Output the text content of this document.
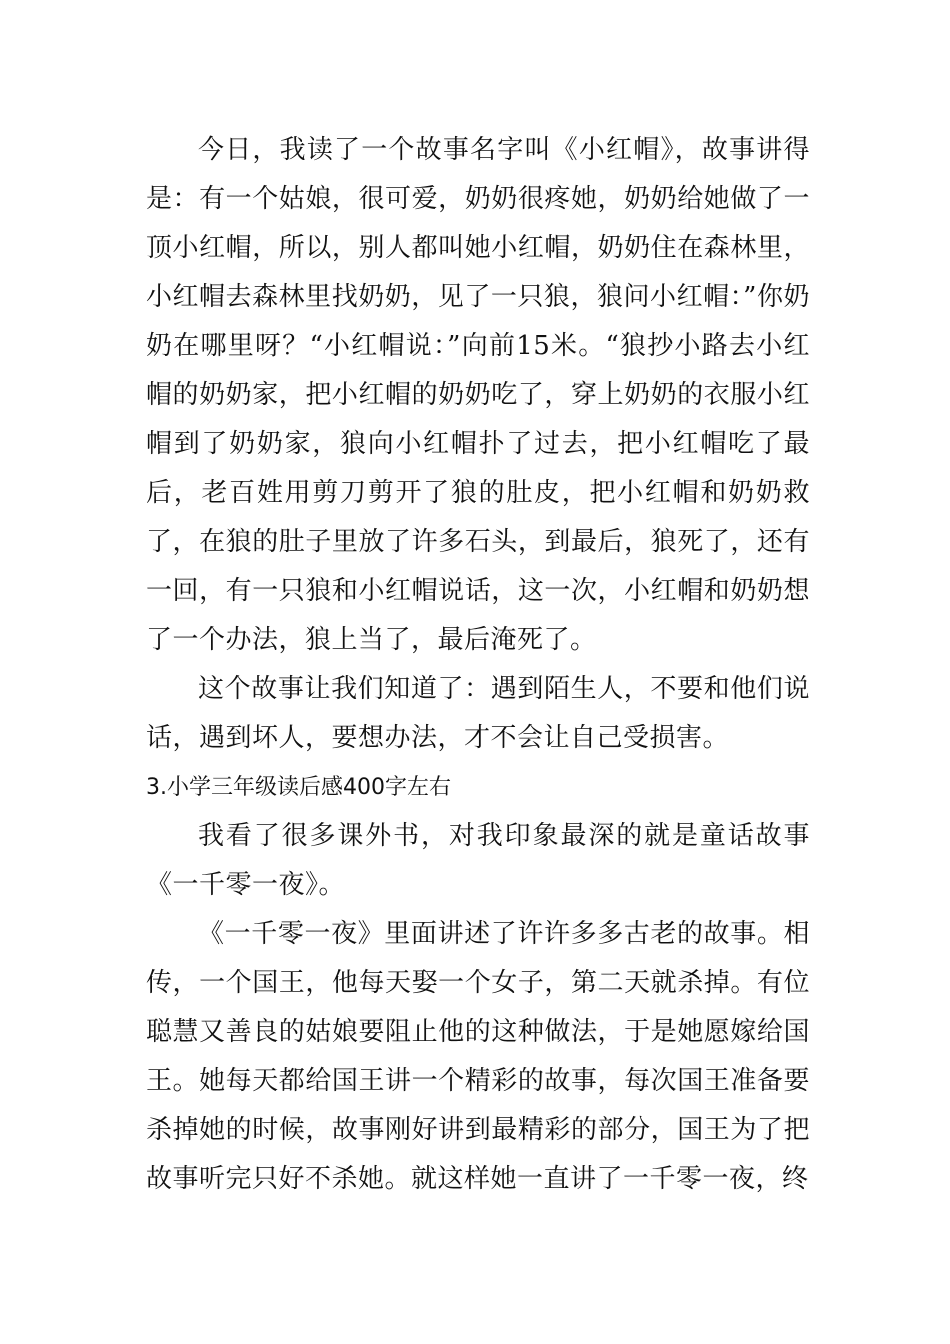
今日，我读了一个故事名字叫《小红帽》，故事讲得是：有一个姑娘，很可爱，奶奶很疼她，奶奶给她做了一顶小红帽，所以，别人都叫她小红帽，奶奶住在森林里，小红帽去森林里找奶奶，见了一只狼，狼问小红帽：”你奶奶在哪里呀？“小红帽说：”向前15米。“狼抄小路去小红帽的奶奶家，把小红帽的奶奶吃了，穿上奶奶的衣服小红帽到了奶奶家，狼向小红帽扑了过去，把小红帽吃了最后，老百姓用剪刀剪开了狼的肚皮，把小红帽和奶奶救了，在狼的肚子里放了许多石头，到最后，狼死了，还有一回，有一只狼和小红帽说话，这一次，小红帽和奶奶想了一个办法，狼上当了，最后淹死了。

这个故事让我们知道了：遇到陌生人，不要和他们说话，遇到坏人，要想办法，才不会让自己受损害。

3.小学三年级读后感400字左右

我看了很多课外书，对我印象最深的就是童话故事《一千零一夜》。

《一千零一夜》里面讲述了许许多多古老的故事。相传，一个国王，他每天娶一个女子，第二天就杀掉。有位聪慧又善良的姑娘要阻止他的这种做法，于是她愿嫁给国王。她每天都给国王讲一个精彩的故事，每次国王准备要杀掉她的时候，故事刚好讲到最精彩的部分，国王为了把故事听完只好不杀她。就这样她一直讲了一千零一夜，终
